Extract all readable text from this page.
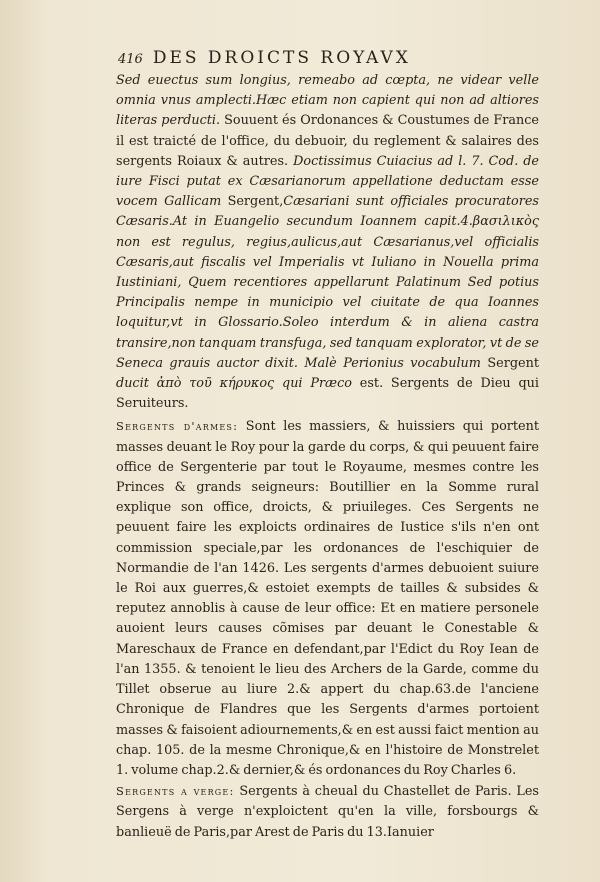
416 DES DROICTS ROYAVX

Sed euectus sum longius, remeabo ad cœpta, ne videar velle omnia vnus amplecti.Hæc etiam non capient qui non ad altiores literas perducti. Souuent és Ordonances & Coustumes de France il est traicté de l'office, du debuoir, du reglement & salaires des sergents Roiaux & autres. Doctissimus Cuiacius ad l. 7. Cod. de iure Fisci putat ex Cæsarianorum appellatione deductam esse vocem Gallicam Sergent,Cæsariani sunt officiales procuratores Cæsaris.At in Euangelio secundum Ioannem capit.4.βασιλικὸς non est regulus, regius,aulicus,aut Cæsarianus,vel officialis Cæsaris,aut fiscalis vel Imperialis vt Iuliano in Nouella prima Iustiniani, Quem recentiores appellarunt Palatinum Sed potius Principalis nempe in municipio vel ciuitate de qua Ioannes loquitur,vt in Glossario.Soleo interdum & in aliena castra transire,non tanquam transfuga, sed tanquam explorator, vt de se Seneca grauis auctor dixit. Malè Perionius vocabulum Sergent ducit ἀπὸ τοῦ κήρυκος qui Præco est. Sergents de Dieu qui Seruiteurs.

Sergents d'armes: Sont les massiers, & huissiers qui portent masses deuant le Roy pour la garde du corps, & qui peuuent faire office de Sergenterie par tout le Royaume, mesmes contre les Princes & grands seigneurs: Boutillier en la Somme rural explique son office, droicts, & priuileges. Ces Sergents ne peuuent faire les exploicts ordinaires de Iustice s'ils n'en ont commission speciale,par les ordonances de l'eschiquier de Normandie de l'an 1426. Les sergents d'armes debuoient suiure le Roi aux guerres,& estoiet exempts de tailles & subsides & reputez annoblis à cause de leur office: Et en matiere personele auoient leurs causes cõmises par deuant le Conestable & Mareschaux de France en defendant,par l'Edict du Roy Iean de l'an 1355. & tenoient le lieu des Archers de la Garde, comme du Tillet obserue au liure 2.& appert du chap.63.de l'anciene Chronique de Flandres que les Sergents d'armes portoient masses & faisoient adiournements,& en est aussi faict mention au chap. 105. de la mesme Chronique,& en l'histoire de Monstrelet 1. volume chap.2.& dernier,& és ordonances du Roy Charles 6.

Sergents a verge: Sergents à cheual du Chastellet de Paris. Les Sergens à verge n'exploictent qu'en la ville, forsbourgs & banlieuë de Paris,par Arest de Paris du 13.Ianuier
